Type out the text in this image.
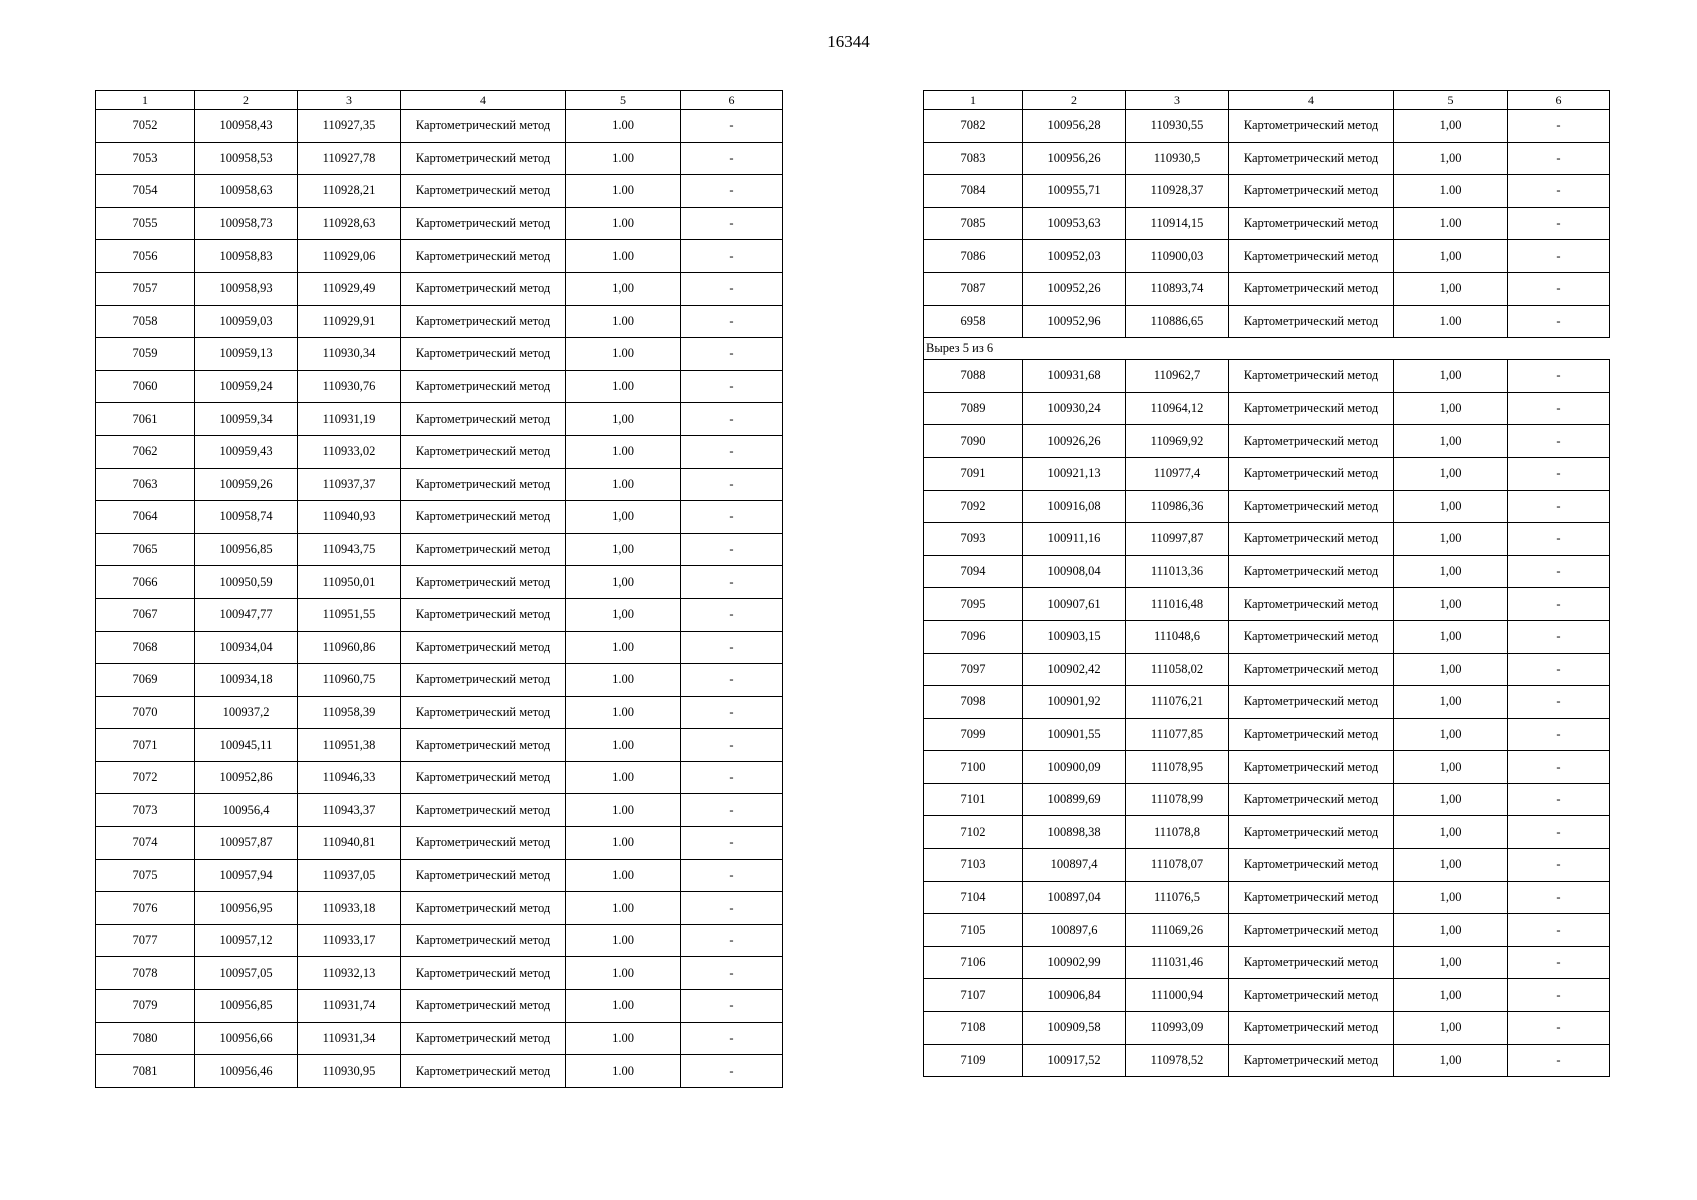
16344
1	2	3	4	5	6
7052	100958,43	110927,35	Картометрический метод	1.00	-
7053	100958,53	110927,78	Картометрический метод	1.00	-
7054	100958,63	110928,21	Картометрический метод	1.00	-
7055	100958,73	110928,63	Картометрический метод	1.00	-
7056	100958,83	110929,06	Картометрический метод	1.00	-
7057	100958,93	110929,49	Картометрический метод	1,00	-
7058	100959,03	110929,91	Картометрический метод	1.00	-
7059	100959,13	110930,34	Картометрический метод	1.00	-
7060	100959,24	110930,76	Картометрический метод	1.00	-
7061	100959,34	110931,19	Картометрический метод	1,00	-
7062	100959,43	110933,02	Картометрический метод	1.00	-
7063	100959,26	110937,37	Картометрический метод	1.00	-
7064	100958,74	110940,93	Картометрический метод	1,00	-
7065	100956,85	110943,75	Картометрический метод	1,00	-
7066	100950,59	110950,01	Картометрический метод	1,00	-
7067	100947,77	110951,55	Картометрический метод	1,00	-
7068	100934,04	110960,86	Картометрический метод	1.00	-
7069	100934,18	110960,75	Картометрический метод	1.00	-
7070	100937,2	110958,39	Картометрический метод	1.00	-
7071	100945,11	110951,38	Картометрический метод	1.00	-
7072	100952,86	110946,33	Картометрический метод	1.00	-
7073	100956,4	110943,37	Картометрический метод	1.00	-
7074	100957,87	110940,81	Картометрический метод	1.00	-
7075	100957,94	110937,05	Картометрический метод	1.00	-
7076	100956,95	110933,18	Картометрический метод	1.00	-
7077	100957,12	110933,17	Картометрический метод	1.00	-
7078	100957,05	110932,13	Картометрический метод	1.00	-
7079	100956,85	110931,74	Картометрический метод	1.00	-
7080	100956,66	110931,34	Картометрический метод	1.00	-
7081	100956,46	110930,95	Картометрический метод	1.00	-
1	2	3	4	5	6
7082	100956,28	110930,55	Картометрический метод	1,00	-
7083	100956,26	110930,5	Картометрический метод	1,00	-
7084	100955,71	110928,37	Картометрический метод	1.00	-
7085	100953,63	110914,15	Картометрический метод	1.00	-
7086	100952,03	110900,03	Картометрический метод	1,00	-
7087	100952,26	110893,74	Картометрический метод	1,00	-
6958	100952,96	110886,65	Картометрический метод	1.00	-
Вырез 5 из 6					
7088	100931,68	110962,7	Картометрический метод	1,00	-
7089	100930,24	110964,12	Картометрический метод	1,00	-
7090	100926,26	110969,92	Картометрический метод	1,00	-
7091	100921,13	110977,4	Картометрический метод	1,00	-
7092	100916,08	110986,36	Картометрический метод	1,00	-
7093	100911,16	110997,87	Картометрический метод	1,00	-
7094	100908,04	111013,36	Картометрический метод	1,00	-
7095	100907,61	111016,48	Картометрический метод	1,00	-
7096	100903,15	111048,6	Картометрический метод	1,00	-
7097	100902,42	111058,02	Картометрический метод	1,00	-
7098	100901,92	111076,21	Картометрический метод	1,00	-
7099	100901,55	111077,85	Картометрический метод	1,00	-
7100	100900,09	111078,95	Картометрический метод	1,00	-
7101	100899,69	111078,99	Картометрический метод	1,00	-
7102	100898,38	111078,8	Картометрический метод	1,00	-
7103	100897,4	111078,07	Картометрический метод	1,00	-
7104	100897,04	111076,5	Картометрический метод	1,00	-
7105	100897,6	111069,26	Картометрический метод	1,00	-
7106	100902,99	111031,46	Картометрический метод	1,00	-
7107	100906,84	111000,94	Картометрический метод	1,00	-
7108	100909,58	110993,09	Картометрический метод	1,00	-
7109	100917,52	110978,52	Картометрический метод	1,00	-
